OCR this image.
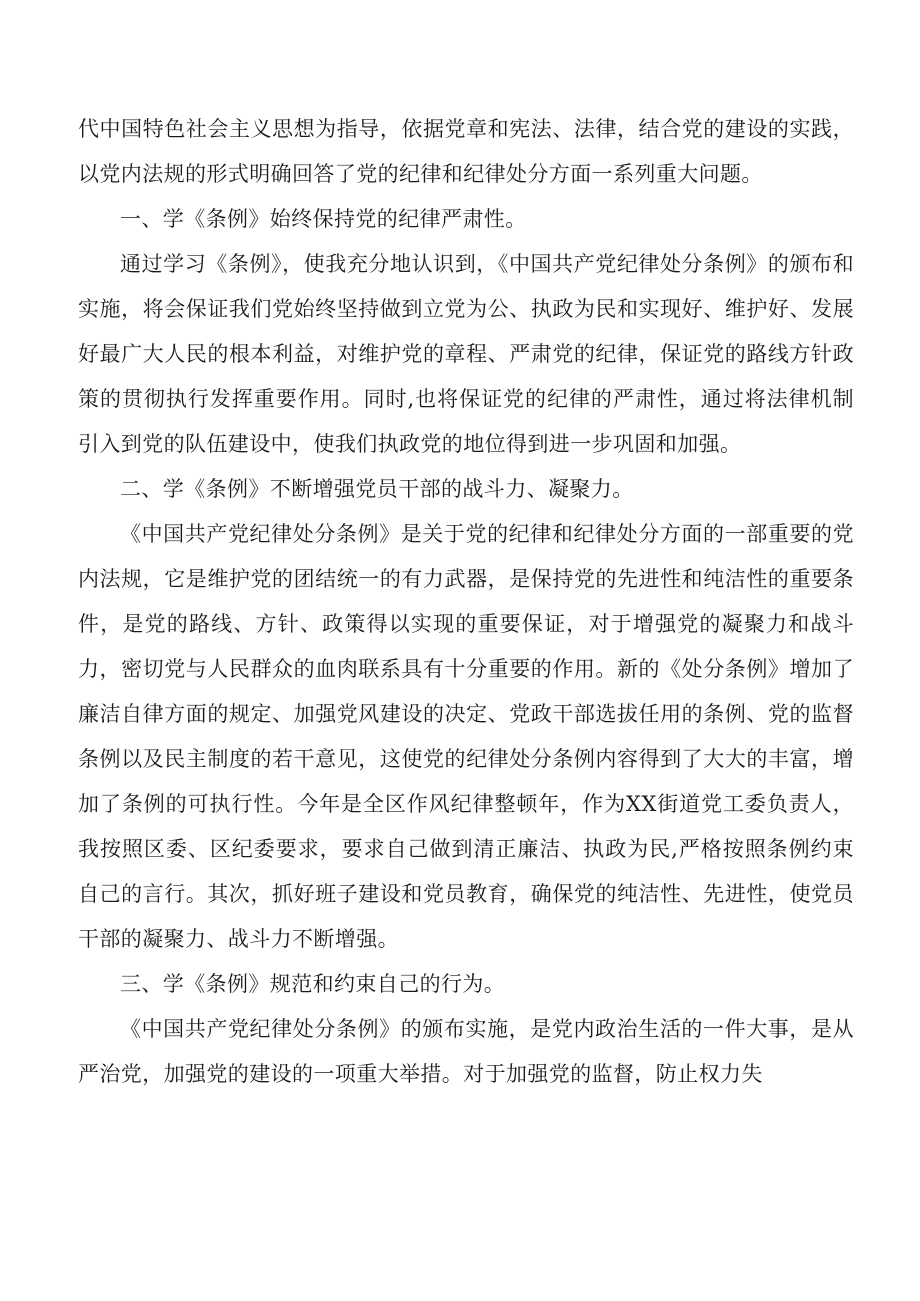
代中国特色社会主义思想为指导，依据党章和宪法、法律，结合党的建设的实践，以党内法规的形式明确回答了党的纪律和纪律处分方面一系列重大问题。

一、学《条例》始终保持党的纪律严肃性。

通过学习《条例》，使我充分地认识到，《中国共产党纪律处分条例》的颁布和实施，将会保证我们党始终坚持做到立党为公、执政为民和实现好、维护好、发展好最广大人民的根本利益，对维护党的章程、严肃党的纪律，保证党的路线方针政策的贯彻执行发挥重要作用。同时,也将保证党的纪律的严肃性，通过将法律机制引入到党的队伍建设中，使我们执政党的地位得到进一步巩固和加强。

二、学《条例》不断增强党员干部的战斗力、凝聚力。

《中国共产党纪律处分条例》是关于党的纪律和纪律处分方面的一部重要的党内法规，它是维护党的团结统一的有力武器，是保持党的先进性和纯洁性的重要条件，是党的路线、方针、政策得以实现的重要保证，对于增强党的凝聚力和战斗力，密切党与人民群众的血肉联系具有十分重要的作用。新的《处分条例》增加了廉洁自律方面的规定、加强党风建设的决定、党政干部选拔任用的条例、党的监督条例以及民主制度的若干意见，这使党的纪律处分条例内容得到了大大的丰富，增加了条例的可执行性。今年是全区作风纪律整顿年，作为XX街道党工委负责人，我按照区委、区纪委要求，要求自己做到清正廉洁、执政为民,严格按照条例约束自己的言行。其次，抓好班子建设和党员教育，确保党的纯洁性、先进性，使党员干部的凝聚力、战斗力不断增强。

三、学《条例》规范和约束自己的行为。

《中国共产党纪律处分条例》的颁布实施，是党内政治生活的一件大事，是从严治党，加强党的建设的一项重大举措。对于加强党的监督，防止权力失
